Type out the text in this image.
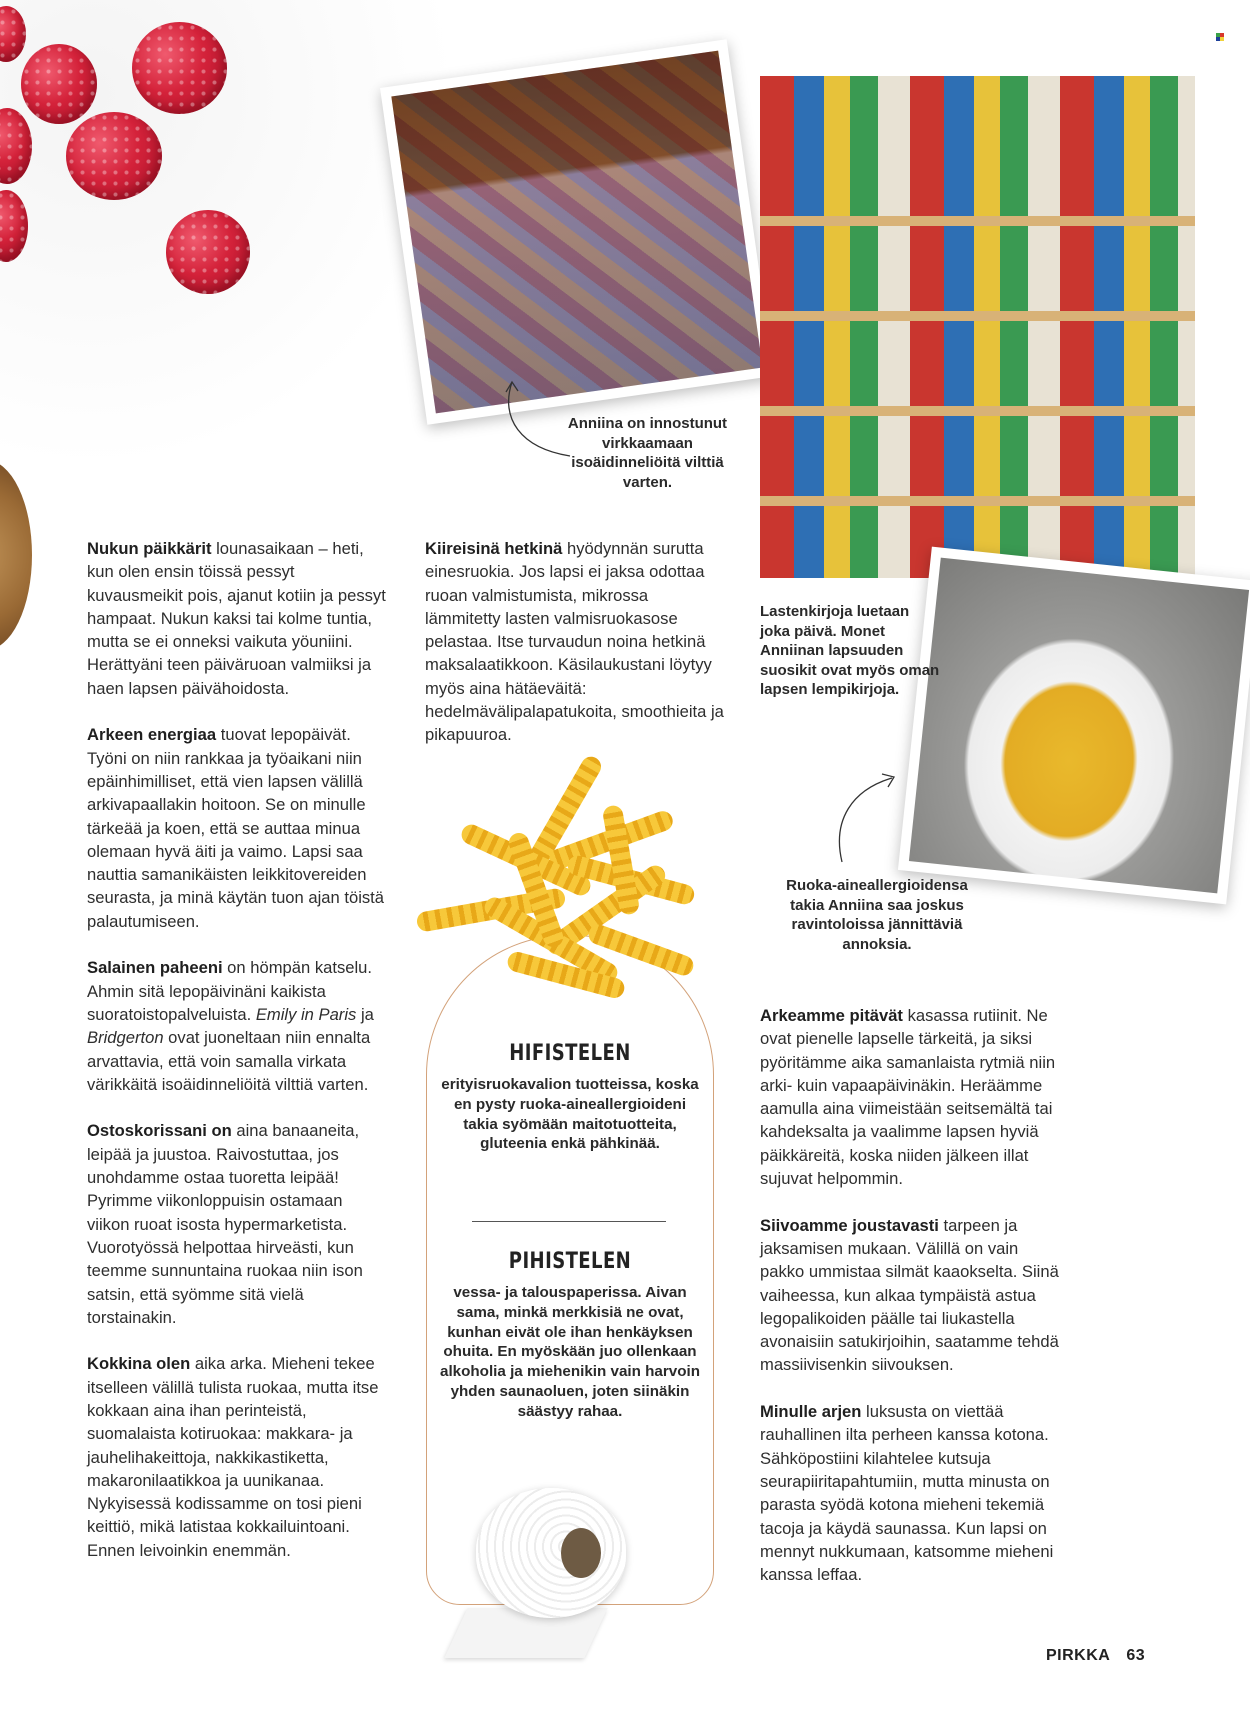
Anniina on innostunut virkkaamaan isoäidinneliöitä vilttiä varten.
Lastenkirjoja luetaan joka päivä. Monet Anniinan lapsuuden suosikit ovat myös oman lapsen lempikirjoja.
Ruoka-aineallergioidensa takia Anniina saa joskus ravintoloissa jännittäviä annoksia.
HIFISTELEN
erityisruokavalion tuotteissa, koska en pysty ruoka-aineallergioideni takia syömään maitotuotteita, gluteenia enkä pähkinää.
PIHISTELEN
vessa- ja talouspaperissa. Aivan sama, minkä merkkisiä ne ovat, kunhan eivät ole ihan henkäyksen ohuita. En myöskään juo ollenkaan alkoholia ja miehenikin vain harvoin yhden saunaoluen, joten siinäkin säästyy rahaa.

Nukun päikkärit lounasaikaan – heti, kun olen ensin töissä pessyt kuvausmeikit pois, ajanut kotiin ja pessyt hampaat. Nukun kaksi tai kolme tuntia, mutta se ei onneksi vaikuta yöuniini. Herättyäni teen päiväruoan valmiiksi ja haen lapsen päivähoidosta.

Arkeen energiaa tuovat lepopäivät. Työni on niin rankkaa ja työaikani niin epäinhimilliset, että vien lapsen välillä arkivapaallakin hoitoon. Se on minulle tärkeää ja koen, että se auttaa minua olemaan hyvä äiti ja vaimo. Lapsi saa nauttia samanikäisten leikkitovereiden seurasta, ja minä käytän tuon ajan töistä palautumiseen.

Salainen paheeni on hömpän katselu. Ahmin sitä lepopäivinäni kaikista suoratoistopalveluista. Emily in Paris ja Bridgerton ovat juoneltaan niin ennalta arvattavia, että voin samalla virkata värikkäitä isoäidinneliöitä vilttiä varten.

Ostoskorissani on aina banaaneita, leipää ja juustoa. Raivostuttaa, jos unohdamme ostaa tuoretta leipää! Pyrimme viikonloppuisin ostamaan viikon ruoat isosta hypermarketista. Vuorotyössä helpottaa hirveästi, kun teemme sunnuntaina ruokaa niin ison satsin, että syömme sitä vielä torstainakin.

Kokkina olen aika arka. Mieheni tekee itselleen välillä tulista ruokaa, mutta itse kokkaan aina ihan perinteistä, suomalaista kotiruokaa: makkara- ja jauhelihakeittoja, nakkikastiketta, makaronilaatikkoa ja uunikanaa. Nykyisessä kodissamme on tosi pieni keittiö, mikä latistaa kokkailuintoani. Ennen leivoinkin enemmän.

Kiireisinä hetkinä hyödynnän surutta einesruokia. Jos lapsi ei jaksa odottaa ruoan valmistumista, mikrossa lämmitetty lasten valmisruokasose pelastaa. Itse turvaudun noina hetkinä maksalaatikkoon. Käsilaukustani löytyy myös aina hätäeväitä: hedelmävälipalapatukoita, smoothieita ja pikapuuroa.

Arkeamme pitävät kasassa rutiinit. Ne ovat pienelle lapselle tärkeitä, ja siksi pyöritämme aika samanlaista rytmiä niin arki- kuin vapaapäivinäkin. Heräämme aamulla aina viimeistään seitsemältä tai kahdeksalta ja vaalimme lapsen hyviä päikkäreitä, koska niiden jälkeen illat sujuvat helpommin.

Siivoamme joustavasti tarpeen ja jaksamisen mukaan. Välillä on vain pakko ummistaa silmät kaaokselta. Siinä vaiheessa, kun alkaa tympäistä astua legopalikoiden päälle tai liukastella avonaisiin satukirjoihin, saatamme tehdä massiivisenkin siivouksen.

Minulle arjen luksusta on viettää rauhallinen ilta perheen kanssa kotona. Sähköpostiini kilahtelee kutsuja seurapiiritapahtumiin, mutta minusta on parasta syödä kotona mieheni tekemiä tacoja ja käydä saunassa. Kun lapsi on mennyt nukkumaan, katsomme mieheni kanssa leffaa.

PIRKKA 63
